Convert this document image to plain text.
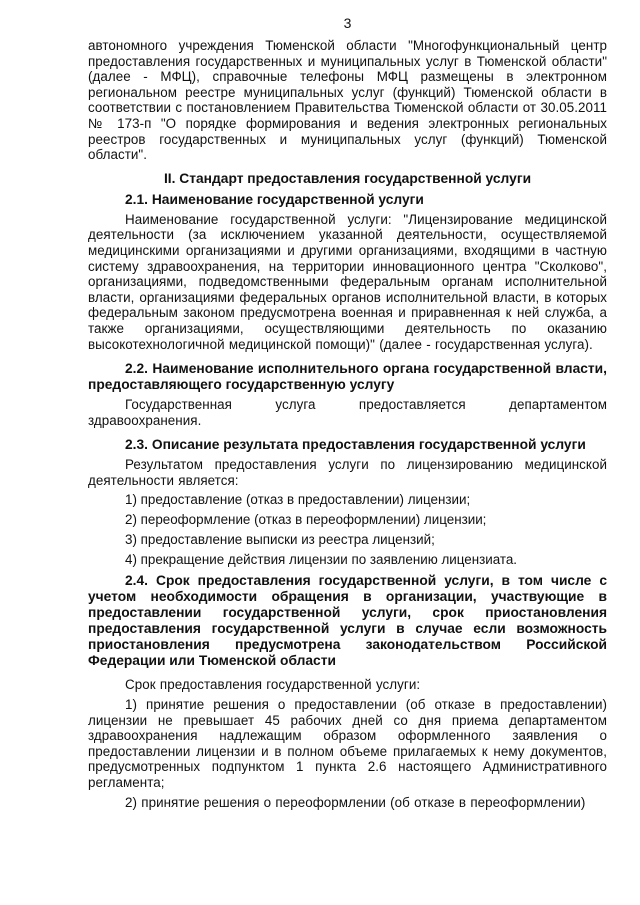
3

автономного учреждения Тюменской области "Многофункциональный центр предоставления государственных и муниципальных услуг в Тюменской области" (далее - МФЦ), справочные телефоны МФЦ размещены в электронном региональном реестре муниципальных услуг (функций) Тюменской области в соответствии с постановлением Правительства Тюменской области от 30.05.2011 № 173-п "О порядке формирования и ведения электронных региональных реестров государственных и муниципальных услуг (функций) Тюменской области".

II. Стандарт предоставления государственной услуги
2.1. Наименование государственной услуги

Наименование государственной услуги: "Лицензирование медицинской деятельности (за исключением указанной деятельности, осуществляемой медицинскими организациями и другими организациями, входящими в частную систему здравоохранения, на территории инновационного центра "Сколково", организациями, подведомственными федеральным органам исполнительной власти, организациями федеральных органов исполнительной власти, в которых федеральным законом предусмотрена военная и приравненная к ней служба, а также организациями, осуществляющими деятельность по оказанию высокотехнологичной медицинской помощи)" (далее - государственная услуга).

2.2. Наименование исполнительного органа государственной власти, предоставляющего государственную услугу

Государственная услуга предоставляется департаментом здравоохранения.

2.3. Описание результата предоставления государственной услуги

Результатом предоставления услуги по лицензированию медицинской деятельности является:

1) предоставление (отказ в предоставлении) лицензии;
2) переоформление (отказ в переоформлении) лицензии;
3) предоставление выписки из реестра лицензий;
4) прекращение действия лицензии по заявлению лицензиата.
2.4. Срок предоставления государственной услуги, в том числе с учетом необходимости обращения в организации, участвующие в предоставлении государственной услуги, срок приостановления предоставления государственной услуги в случае если возможность приостановления предусмотрена законодательством Российской Федерации или Тюменской области

Срок предоставления государственной услуги:

1) принятие решения о предоставлении (об отказе в предоставлении) лицензии не превышает 45 рабочих дней со дня приема департаментом здравоохранения надлежащим образом оформленного заявления о предоставлении лицензии и в полном объеме прилагаемых к нему документов, предусмотренных подпунктом 1 пункта 2.6 настоящего Административного регламента;

2) принятие решения о переоформлении (об отказе в переоформлении)
